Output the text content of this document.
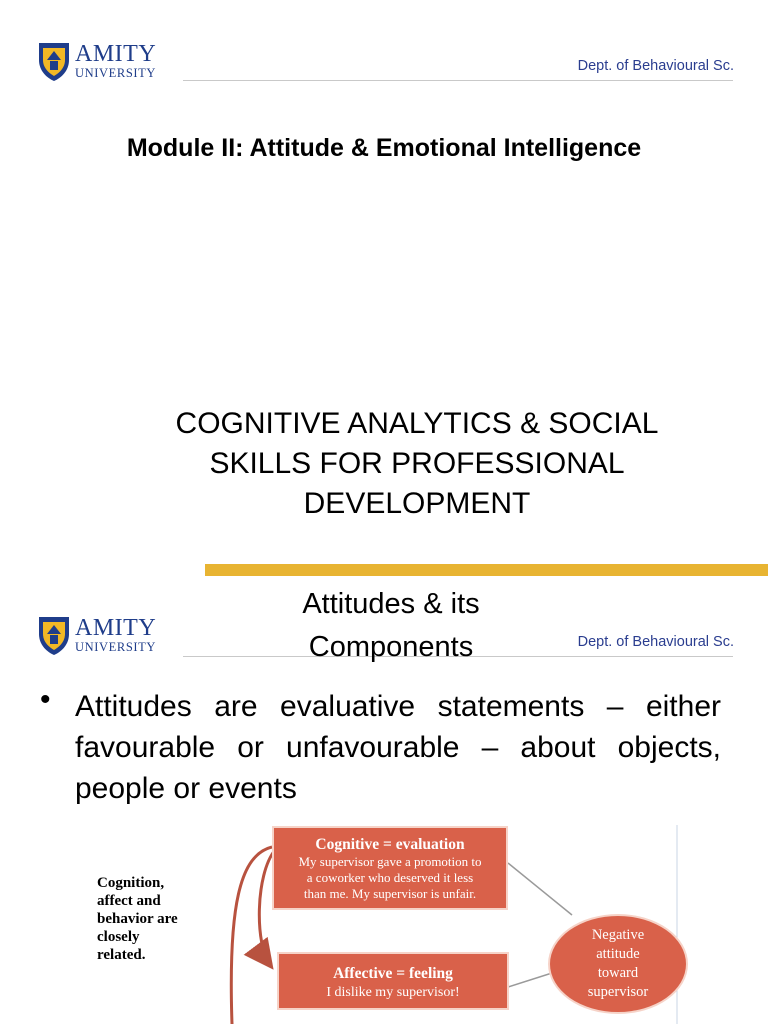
AMITY
UNIVERSITY	Dept. of Behavioural Sc.
Module II: Attitude & Emotional Intelligence
COGNITIVE ANALYTICS & SOCIAL
SKILLS FOR PROFESSIONAL
DEVELOPMENT
AMITY
UNIVERSITY	Dept. of Behavioural Sc.
Attitudes & its
Components
• Attitudes are evaluative statements – either favourable or unfavourable – about objects, people or events
Cognition,
affect and
behavior are
closely
related.
Cognitive = evaluation
My supervisor gave a promotion to
a coworker who deserved it less
than me. My supervisor is unfair.
Affective = feeling
I dislike my supervisor!
Negative
attitude
toward
supervisor
